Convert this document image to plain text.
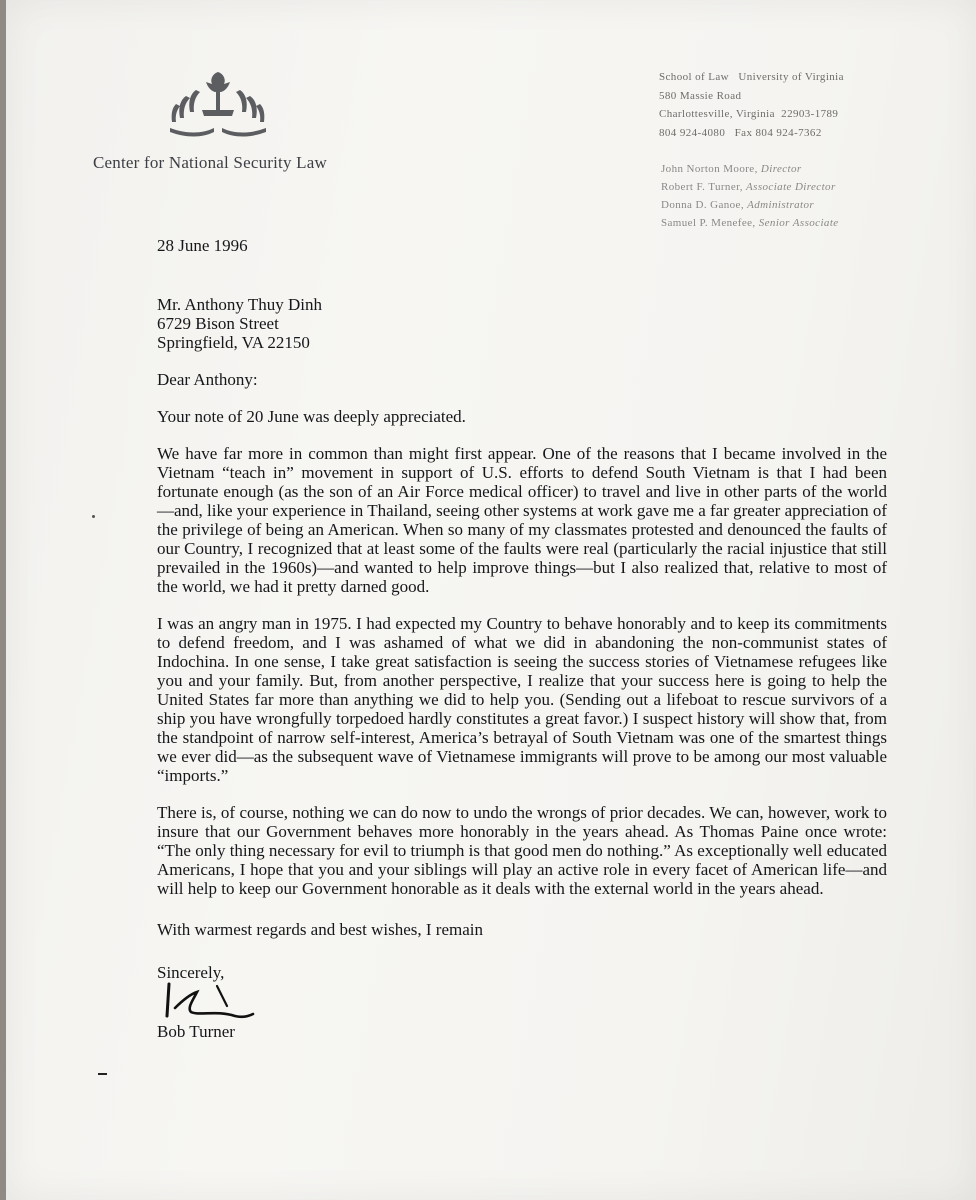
Center for National Security Law
School of Law   University of Virginia
580 Massie Road
Charlottesville, Virginia  22903-1789
804 924-4080   Fax 804 924-7362
John Norton Moore, Director
Robert F. Turner, Associate Director
Donna D. Ganoe, Administrator
Samuel P. Menefee, Senior Associate

28 June 1996

Mr. Anthony Thuy Dinh
6729 Bison Street
Springfield, VA 22150

Dear Anthony:

Your note of 20 June was deeply appreciated.

We have far more in common than might first appear. One of the reasons that I became involved in the Vietnam “teach in” movement in support of U.S. efforts to defend South Vietnam is that I had been fortunate enough (as the son of an Air Force medical officer) to travel and live in other parts of the world—and, like your experience in Thailand, seeing other systems at work gave me a far greater appreciation of the privilege of being an American. When so many of my classmates protested and denounced the faults of our Country, I recognized that at least some of the faults were real (particularly the racial injustice that still prevailed in the 1960s)—and wanted to help improve things—but I also realized that, relative to most of the world, we had it pretty darned good.

I was an angry man in 1975. I had expected my Country to behave honorably and to keep its commitments to defend freedom, and I was ashamed of what we did in abandoning the non-communist states of Indochina. In one sense, I take great satisfaction is seeing the success stories of Vietnamese refugees like you and your family. But, from another perspective, I realize that your success here is going to help the United States far more than anything we did to help you. (Sending out a lifeboat to rescue survivors of a ship you have wrongfully torpedoed hardly constitutes a great favor.) I suspect history will show that, from the standpoint of narrow self-interest, America’s betrayal of South Vietnam was one of the smartest things we ever did—as the subsequent wave of Vietnamese immigrants will prove to be among our most valuable “imports.”

There is, of course, nothing we can do now to undo the wrongs of prior decades. We can, however, work to insure that our Government behaves more honorably in the years ahead. As Thomas Paine once wrote: “The only thing necessary for evil to triumph is that good men do nothing.” As exceptionally well educated Americans, I hope that you and your siblings will play an active role in every facet of American life—and will help to keep our Government honorable as it deals with the external world in the years ahead.

With warmest regards and best wishes, I remain

Sincerely,

Bob Turner
